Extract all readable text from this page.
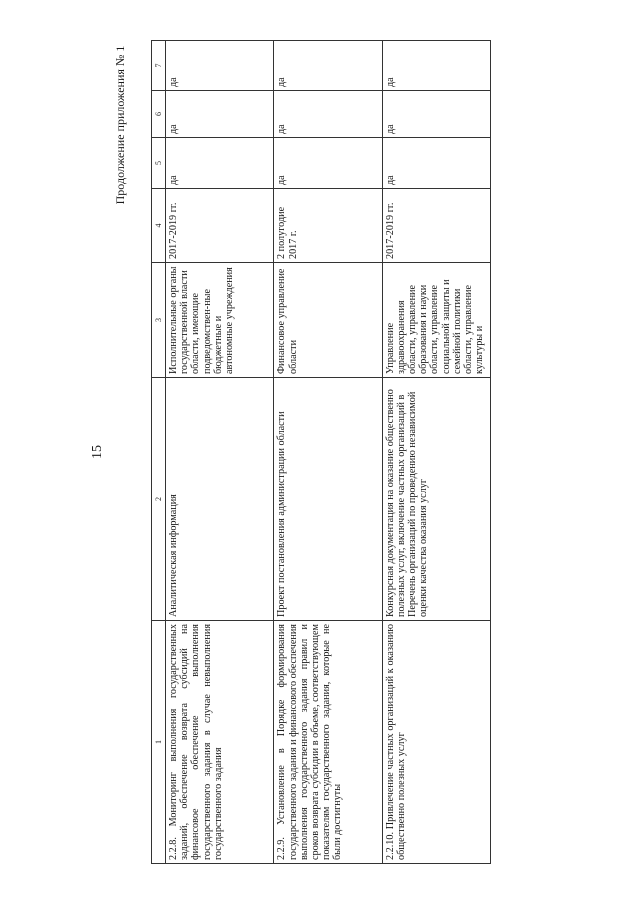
15
Продолжение приложения № 1
1	2	3	4	5	6	7
2.2.8. Мониторинг выполнения государственных заданий, обеспечение возврата субсидий на финансовое обеспечение выполнения государственного задания в случае невыполнения государственного задания	Аналитическая информация	Исполнительные органы государственной власти области, имеющие подведомствен-ные бюджетные и автономные учреждения	2017-2019 гг.	да	да	да
2.2.9. Установление в Порядке формирования государственного задания и финансового обеспечения выполнения государственного задания правил и сроков возврата субсидии в объеме, соответствующем показателям государственного задания, которые не были достигнуты	Проект постановления администрации области	Финансовое управление области	2 полугодие 2017 г.	да	да	да
2.2.10. Привлечение частных организаций к оказанию общественно полезных услуг	Конкурсная документация на оказание общественно полезных услуг, включение частных организаций в Перечень организаций по проведению независимой оценки качества оказания услуг	Управление здравоохранения области, управление образования и науки области, управление социальной защиты и семейной политики области, управление культуры и	2017-2019 гг.	да	да	да
